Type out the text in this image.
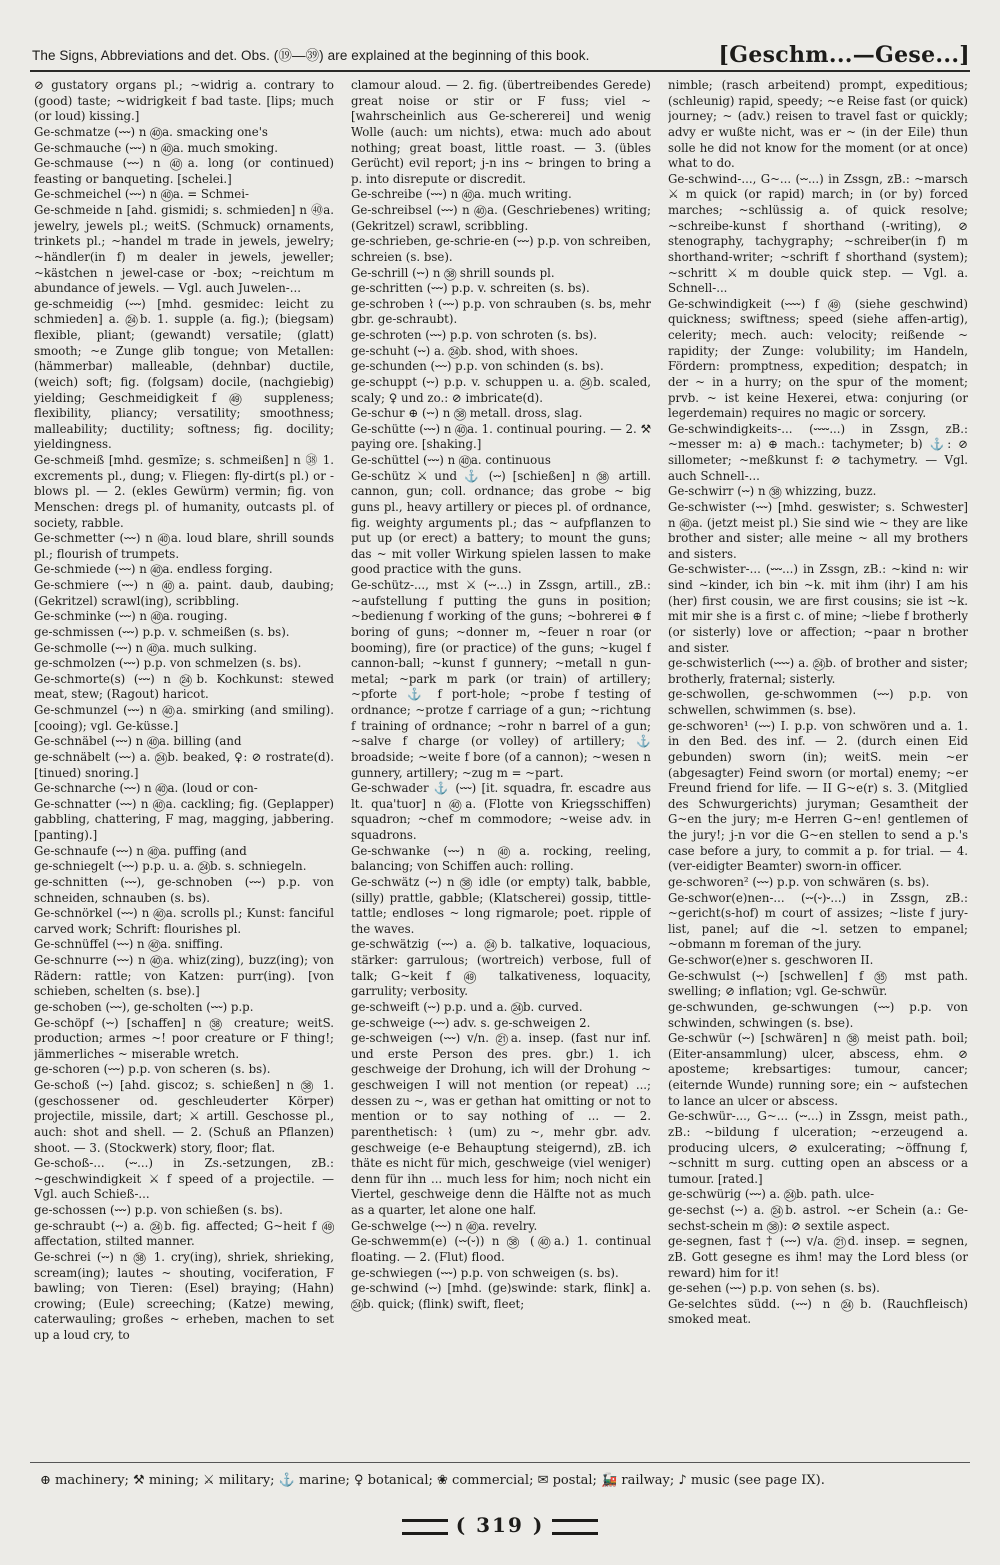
The Signs, Abbreviations and det. Obs. (⑲—㊴) are explained at the beginning of this book.	[Geschm...—Gese...]

⊘ gustatory organs pl.; ~widrig a. contrary to (good) taste; ~widrigkeit f bad taste. [lips; much (or loud) kissing.]

Ge-schmatze (⏑⏑⏑) n ㊵a. smacking one's

Ge-schmauche (⏑⏑⏑) n ㊵a. much smoking.

Ge-schmause (⏑⏑⏑) n ㊵a. long (or continued) feasting or banqueting. [schelei.]

Ge-schmeichel (⏑⏑⏑) n ㊵a. = Schmei-

Ge-schmeide n [ahd. gismidi; s. schmieden] n ㊵a. jewelry, jewels pl.; weitS. (Schmuck) ornaments, trinkets pl.; ~handel m trade in jewels, jewelry; ~händler(in f) m dealer in jewels, jeweller; ~kästchen n jewel-case or -box; ~reichtum m abundance of jewels. — Vgl. auch Juwelen-...

ge-schmeidig (⏑⏑⏑) [mhd. gesmidec: leicht zu schmieden] a. ㉔b. 1. supple (a. fig.); (biegsam) flexible, pliant; (gewandt) versatile; (glatt) smooth; ~e Zunge glib tongue; von Metallen: (hämmerbar) malleable, (dehnbar) ductile, (weich) soft; fig. (folgsam) docile, (nachgiebig) yielding; Geschmeidigkeit f ㊾ suppleness; flexibility, pliancy; versatility; smoothness; malleability; ductility; softness; fig. docility; yieldingness.

Ge-schmeiß [mhd. gesmīze; s. schmeißen] n ㊳ 1. excrements pl., dung; v. Fliegen: fly-dirt(s pl.) or -blows pl. — 2. (ekles Gewürm) vermin; fig. von Menschen: dregs pl. of humanity, outcasts pl. of society, rabble.

Ge-schmetter (⏑⏑⏑) n ㊵a. loud blare, shrill sounds pl.; flourish of trumpets.

Ge-schmiede (⏑⏑⏑) n ㊵a. endless forging.

Ge-schmiere (⏑⏑⏑) n ㊵a. paint. daub, daubing; (Gekritzel) scrawl(ing), scribbling.

Ge-schminke (⏑⏑⏑) n ㊵a. rouging.

ge-schmissen (⏑⏑⏑) p.p. v. schmeißen (s. bs).

Ge-schmolle (⏑⏑⏑) n ㊵a. much sulking.

ge-schmolzen (⏑⏑⏑) p.p. von schmelzen (s. bs).

Ge-schmorte(s) (⏑⏑⏑) n ㉔b. Kochkunst: stewed meat, stew; (Ragout) haricot.

Ge-schmunzel (⏑⏑⏑) n ㊵a. smirking (and smiling). [cooing); vgl. Ge-küsse.]

Ge-schnäbel (⏑⏑⏑) n ㊵a. billing (and

ge-schnäbelt (⏑⏑⏑) a. ㉔b. beaked, ♀: ⊘ rostrate(d). [tinued) snoring.]

Ge-schnarche (⏑⏑⏑) n ㊵a. (loud or con-

Ge-schnatter (⏑⏑⏑) n ㊵a. cackling; fig. (Geplapper) gabbling, chattering, F mag, magging, jabbering. [panting).]

Ge-schnaufe (⏑⏑⏑) n ㊵a. puffing (and

ge-schniegelt (⏑⏑⏑) p.p. u. a. ㉔b. s. schniegeln.

ge-schnitten (⏑⏑⏑), ge-schnoben (⏑⏑⏑) p.p. von schneiden, schnauben (s. bs).

Ge-schnörkel (⏑⏑⏑) n ㊵a. scrolls pl.; Kunst: fanciful carved work; Schrift: flourishes pl.

Ge-schnüffel (⏑⏑⏑) n ㊵a. sniffing.

Ge-schnurre (⏑⏑⏑) n ㊵a. whiz(zing), buzz(ing); von Rädern: rattle; von Katzen: purr(ing). [von schieben, schelten (s. bse).]

ge-schoben (⏑⏑⏑), ge-scholten (⏑⏑⏑) p.p.

Ge-schöpf (⏑⏑) [schaffen] n ㊳ creature; weitS. production; armes ~! poor creature or F thing!; jämmerliches ~ miserable wretch.

ge-schoren (⏑⏑⏑) p.p. von scheren (s. bs).

Ge-schoß (⏑⏑) [ahd. giscoz; s. schießen] n ㊳ 1. (geschossener od. geschleuderter Körper) projectile, missile, dart; ⚔ artill. Geschosse pl., auch: shot and shell. — 2. (Schuß an Pflanzen) shoot. — 3. (Stockwerk) story, floor; flat.

Ge-schoß-... (⏑⏑...) in Zs.-setzungen, zB.: ~geschwindigkeit ⚔ f speed of a projectile. — Vgl. auch Schieß-...

ge-schossen (⏑⏑⏑) p.p. von schießen (s. bs).

ge-schraubt (⏑⏑) a. ㉔b. fig. affected; G~heit f ㊾ affectation, stilted manner.

Ge-schrei (⏑⏑) n ㊳ 1. cry(ing), shriek, shrieking, scream(ing); lautes ~ shouting, vociferation, F bawling; von Tieren: (Esel) braying; (Hahn) crowing; (Eule) screeching; (Katze) mewing, caterwauling; großes ~ erheben, machen to set up a loud cry, to

clamour aloud. — 2. fig. (übertreibendes Gerede) great noise or stir or F fuss; viel ~ [wahrscheinlich aus Ge-schererei] und wenig Wolle (auch: um nichts), etwa: much ado about nothing; great boast, little roast. — 3. (übles Gerücht) evil report; j-n ins ~ bringen to bring a p. into disrepute or discredit.

Ge-schreibe (⏑⏑⏑) n ㊵a. much writing.

Ge-schreibsel (⏑⏑⏑) n ㊵a. (Geschriebenes) writing; (Gekritzel) scrawl, scribbling.

ge-schrieben, ge-schrie-en (⏑⏑⏑) p.p. von schreiben, schreien (s. bse).

Ge-schrill (⏑⏑) n ㊳ shrill sounds pl.

ge-schritten (⏑⏑⏑) p.p. v. schreiten (s. bs).

ge-schroben ⌇ (⏑⏑⏑) p.p. von schrauben (s. bs, mehr gbr. ge-schraubt).

ge-schroten (⏑⏑⏑) p.p. von schroten (s. bs).

ge-schuht (⏑⏑) a. ㉔b. shod, with shoes.

ge-schunden (⏑⏑⏑) p.p. von schinden (s. bs).

ge-schuppt (⏑⏑) p.p. v. schuppen u. a. ㉔b. scaled, scaly; ♀ und zo.: ⊘ imbricate(d).

Ge-schur ⊕ (⏑⏑) n ㊳ metall. dross, slag.

Ge-schütte (⏑⏑⏑) n ㊵a. 1. continual pouring. — 2. ⚒ paying ore. [shaking.]

Ge-schüttel (⏑⏑⏑) n ㊵a. continuous

Ge-schütz ⚔ und ⚓ (⏑⏑) [schießen] n ㊳ artill. cannon, gun; coll. ordnance; das grobe ~ big guns pl., heavy artillery or pieces pl. of ordnance, fig. weighty arguments pl.; das ~ aufpflanzen to put up (or erect) a battery; to mount the guns; das ~ mit voller Wirkung spielen lassen to make good practice with the guns.

Ge-schütz-..., mst ⚔ (⏑⏑...) in Zssgn, artill., zB.: ~aufstellung f putting the guns in position; ~bedienung f working of the guns; ~bohrerei ⊕ f boring of guns; ~donner m, ~feuer n roar (or booming), fire (or practice) of the guns; ~kugel f cannon-ball; ~kunst f gunnery; ~metall n gun-metal; ~park m park (or train) of artillery; ~pforte ⚓ f port-hole; ~probe f testing of ordnance; ~protze f carriage of a gun; ~richtung f training of ordnance; ~rohr n barrel of a gun; ~salve f charge (or volley) of artillery; ⚓ broadside; ~weite f bore (of a cannon); ~wesen n gunnery, artillery; ~zug m = ~part.

Ge-schwader ⚓ (⏑⏑⏑) [it. squadra, fr. escadre aus lt. qua'tuor] n ㊵a. (Flotte von Kriegsschiffen) squadron; ~chef m commodore; ~weise adv. in squadrons.

Ge-schwanke (⏑⏑⏑) n ㊵a. rocking, reeling, balancing; von Schiffen auch: rolling.

Ge-schwätz (⏑⏑) n ㊳ idle (or empty) talk, babble, (silly) prattle, gabble; (Klatscherei) gossip, tittle-tattle; endloses ~ long rigmarole; poet. ripple of the waves.

ge-schwätzig (⏑⏑⏑) a. ㉔b. talkative, loquacious, stärker: garrulous; (wortreich) verbose, full of talk; G~keit f ㊾ talkativeness, loquacity, garrulity; verbosity.

ge-schweift (⏑⏑) p.p. und a. ㉔b. curved.

ge-schweige (⏑⏑⏑) adv. s. ge-schweigen 2.

ge-schweigen (⏑⏑⏑) v/n. ㉑a. insep. (fast nur inf. und erste Person des pres. gbr.) 1. ich geschweige der Drohung, ich will der Drohung ~ geschweigen I will not mention (or repeat) ...; dessen zu ~, was er gethan hat omitting or not to mention or to say nothing of ... — 2. parenthetisch: ⌇ (um) zu ~, mehr gbr. adv. geschweige (e-e Behauptung steigernd), zB. ich thäte es nicht für mich, geschweige (viel weniger) denn für ihn ... much less for him; noch nicht ein Viertel, geschweige denn die Hälfte not as much as a quarter, let alone one half.

Ge-schwelge (⏑⏑⏑) n ㊵a. revelry.

Ge-schwemm(e) (⏑⏑(⏑)) n ㊳ (㊵a.) 1. continual floating. — 2. (Flut) flood.

ge-schwiegen (⏑⏑⏑) p.p. von schweigen (s. bs).

ge-schwind (⏑⏑) [mhd. (ge)swinde: stark, flink] a. ㉔b. quick; (flink) swift, fleet;

nimble; (rasch arbeitend) prompt, expeditious; (schleunig) rapid, speedy; ~e Reise fast (or quick) journey; ~ (adv.) reisen to travel fast or quickly; advy er wußte nicht, was er ~ (in der Eile) thun solle he did not know for the moment (or at once) what to do.

Ge-schwind-..., G~... (⏑⏑...) in Zssgn, zB.: ~marsch ⚔ m quick (or rapid) march; in (or by) forced marches; ~schlüssig a. of quick resolve; ~schreibe-kunst f shorthand (-writing), ⊘ stenography, tachygraphy; ~schreiber(in f) m shorthand-writer; ~schrift f shorthand (system); ~schritt ⚔ m double quick step. — Vgl. a. Schnell-...

Ge-schwindigkeit (⏑⏑⏑⏑) f ㊾ (siehe geschwind) quickness; swiftness; speed (siehe affen-artig), celerity; mech. auch: velocity; reißende ~ rapidity; der Zunge: volubility; im Handeln, Fördern: promptness, expedition; despatch; in der ~ in a hurry; on the spur of the moment; prvb. ~ ist keine Hexerei, etwa: conjuring (or legerdemain) requires no magic or sorcery.

Ge-schwindigkeits-... (⏑⏑⏑⏑...) in Zssgn, zB.: ~messer m: a) ⊕ mach.: tachymeter; b) ⚓: ⊘ sillometer; ~meßkunst f: ⊘ tachymetry. — Vgl. auch Schnell-...

Ge-schwirr (⏑⏑) n ㊳ whizzing, buzz.

Ge-schwister (⏑⏑⏑) [mhd. geswister; s. Schwester] n ㊵a. (jetzt meist pl.) Sie sind wie ~ they are like brother and sister; alle meine ~ all my brothers and sisters.

Ge-schwister-... (⏑⏑⏑...) in Zssgn, zB.: ~kind n: wir sind ~kinder, ich bin ~k. mit ihm (ihr) I am his (her) first cousin, we are first cousins; sie ist ~k. mit mir she is a first c. of mine; ~liebe f brotherly (or sisterly) love or affection; ~paar n brother and sister.

ge-schwisterlich (⏑⏑⏑⏑) a. ㉔b. of brother and sister; brotherly, fraternal; sisterly.

ge-schwollen, ge-schwommen (⏑⏑⏑) p.p. von schwellen, schwimmen (s. bse).

ge-schworen¹ (⏑⏑⏑) I. p.p. von schwören und a. 1. in den Bed. des inf. — 2. (durch einen Eid gebunden) sworn (in); weitS. mein ~er (abgesagter) Feind sworn (or mortal) enemy; ~er Freund friend for life. — II G~e(r) s. 3. (Mitglied des Schwurgerichts) juryman; Gesamtheit der G~en the jury; m-e Herren G~en! gentlemen of the jury!; j-n vor die G~en stellen to send a p.'s case before a jury, to commit a p. for trial. — 4. (ver-eidigter Beamter) sworn-in officer.

ge-schworen² (⏑⏑⏑) p.p. von schwären (s. bs).

Ge-schwor(e)nen-... (⏑⏑(⏑)⏑...) in Zssgn, zB.: ~gericht(s-hof) m court of assizes; ~liste f jury-list, panel; auf die ~l. setzen to empanel; ~obmann m foreman of the jury.

Ge-schwor(e)ner s. geschworen II.

Ge-schwulst (⏑⏑) [schwellen] f ㉟ mst path. swelling; ⊘ inflation; vgl. Ge-schwür.

ge-schwunden, ge-schwungen (⏑⏑⏑) p.p. von schwinden, schwingen (s. bse).

Ge-schwür (⏑⏑) [schwären] n ㊳ meist path. boil; (Eiter-ansammlung) ulcer, abscess, ehm. ⊘ aposteme; krebsartiges: tumour, cancer; (eiternde Wunde) running sore; ein ~ aufstechen to lance an ulcer or abscess.

Ge-schwür-..., G~... (⏑⏑...) in Zssgn, meist path., zB.: ~bildung f ulceration; ~erzeugend a. producing ulcers, ⊘ exulcerating; ~öffnung f, ~schnitt m surg. cutting open an abscess or a tumour. [rated.]

ge-schwürig (⏑⏑⏑) a. ㉔b. path. ulce-

ge-sechst (⏑⏑) a. ㉔b. astrol. ~er Schein (a.: Ge-sechst-schein m ㊳): ⊘ sextile aspect.

ge-segnen, fast † (⏑⏑⏑) v/a. ㉑d. insep. = segnen, zB. Gott gesegne es ihm! may the Lord bless (or reward) him for it!

ge-sehen (⏑⏑⏑) p.p. von sehen (s. bs).

Ge-selchtes südd. (⏑⏑⏑) n ㉔b. (Rauchfleisch) smoked meat.

⊕ machinery; ⚒ mining; ⚔ military; ⚓ marine; ♀ botanical; ❀ commercial; ✉ postal; 🚂 railway; ♪ music (see page IX).
( 319 )
